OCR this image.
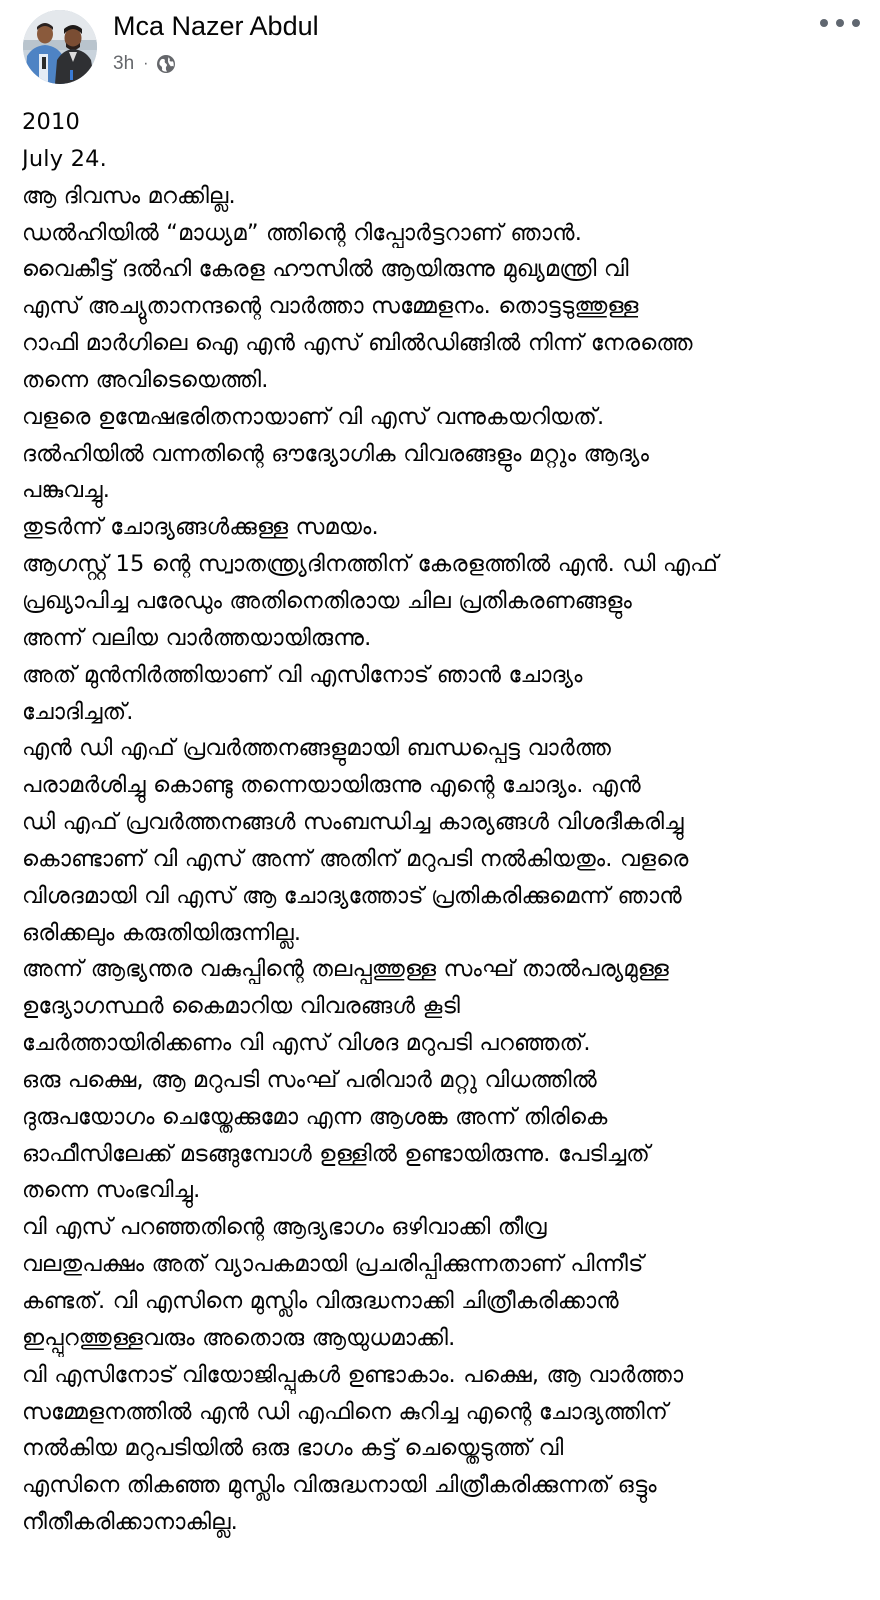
Mca Nazer Abdul
3h ·
2010
July 24.
ആ ദിവസം മറക്കില്ല.
ഡൽഹിയിൽ “മാധ്യമ” ത്തിന്റെ റിപ്പോർട്ടറാണ് ഞാൻ.
വൈകീട്ട് ദൽഹി കേരള ഹൗസിൽ ആയിരുന്നു മുഖ്യമന്ത്രി വി
എസ് അച്യുതാനന്ദന്റെ വാർത്താ സമ്മേളനം. തൊട്ടടുത്തുള്ള
റാഫി മാർഗിലെ ഐ എൻ എസ് ബിൽഡിങ്ങിൽ നിന്ന് നേരത്തെ
തന്നെ അവിടെയെത്തി.
വളരെ ഉന്മേഷഭരിതനായാണ് വി എസ് വന്നുകയറിയത്.
ദൽഹിയിൽ വന്നതിന്റെ ഔദ്യോഗിക വിവരങ്ങളും മറ്റും ആദ്യം
പങ്കുവച്ചു.
തുടർന്ന് ചോദ്യങ്ങൾക്കുള്ള സമയം.
ആഗസ്റ്റ് 15 ന്റെ സ്വാതന്ത്ര്യദിനത്തിന് കേരളത്തിൽ എൻ. ഡി എഫ്
പ്രഖ്യാപിച്ച പരേഡും അതിനെതിരായ ചില പ്രതികരണങ്ങളും
അന്ന് വലിയ വാർത്തയായിരുന്നു.
അത് മുൻനിർത്തിയാണ് വി എസിനോട് ഞാൻ ചോദ്യം
ചോദിച്ചത്.
എൻ ഡി എഫ് പ്രവർത്തനങ്ങളുമായി ബന്ധപ്പെട്ട വാർത്ത
പരാമർശിച്ചു കൊണ്ടു തന്നെയായിരുന്നു എന്റെ ചോദ്യം. എൻ
ഡി എഫ് പ്രവർത്തനങ്ങൾ സംബന്ധിച്ച കാര്യങ്ങൾ വിശദീകരിച്ചു
കൊണ്ടാണ് വി എസ് അന്ന് അതിന് മറുപടി നൽകിയതും. വളരെ
വിശദമായി വി എസ് ആ ചോദ്യത്തോട് പ്രതികരിക്കുമെന്ന് ഞാൻ
ഒരിക്കലും കരുതിയിരുന്നില്ല.
അന്ന് ആഭ്യന്തര വകുപ്പിന്റെ തലപ്പത്തുള്ള സംഘ് താൽപര്യമുള്ള
ഉദ്യോഗസ്ഥർ കൈമാറിയ വിവരങ്ങൾ കൂടി
ചേർത്തായിരിക്കണം വി എസ് വിശദ മറുപടി പറഞ്ഞത്.
ഒരു പക്ഷെ, ആ മറുപടി സംഘ് പരിവാർ മറ്റു വിധത്തിൽ
ദുരുപയോഗം ചെയ്തേക്കുമോ എന്ന ആശങ്ക അന്ന് തിരികെ
ഓഫീസിലേക്ക് മടങ്ങുമ്പോൾ ഉള്ളിൽ ഉണ്ടായിരുന്നു. പേടിച്ചത്
തന്നെ സംഭവിച്ചു.
വി എസ് പറഞ്ഞതിന്റെ ആദ്യഭാഗം ഒഴിവാക്കി തീവ്ര
വലതുപക്ഷം അത് വ്യാപകമായി പ്രചരിപ്പിക്കുന്നതാണ് പിന്നീട്
കണ്ടത്. വി എസിനെ മുസ്ലിം വിരുദ്ധനാക്കി ചിത്രീകരിക്കാൻ
ഇപ്പുറത്തുള്ളവരും അതൊരു ആയുധമാക്കി.
വി എസിനോട് വിയോജിപ്പുകൾ ഉണ്ടാകാം. പക്ഷെ, ആ വാർത്താ
സമ്മേളനത്തിൽ എൻ ഡി എഫിനെ കുറിച്ച എന്റെ ചോദ്യത്തിന്
നൽകിയ മറുപടിയിൽ ഒരു ഭാഗം കട്ട് ചെയ്തെടുത്ത് വി
എസിനെ തികഞ്ഞ മുസ്ലിം വിരുദ്ധനായി ചിത്രീകരിക്കുന്നത് ഒട്ടും
നീതീകരിക്കാനാകില്ല.
